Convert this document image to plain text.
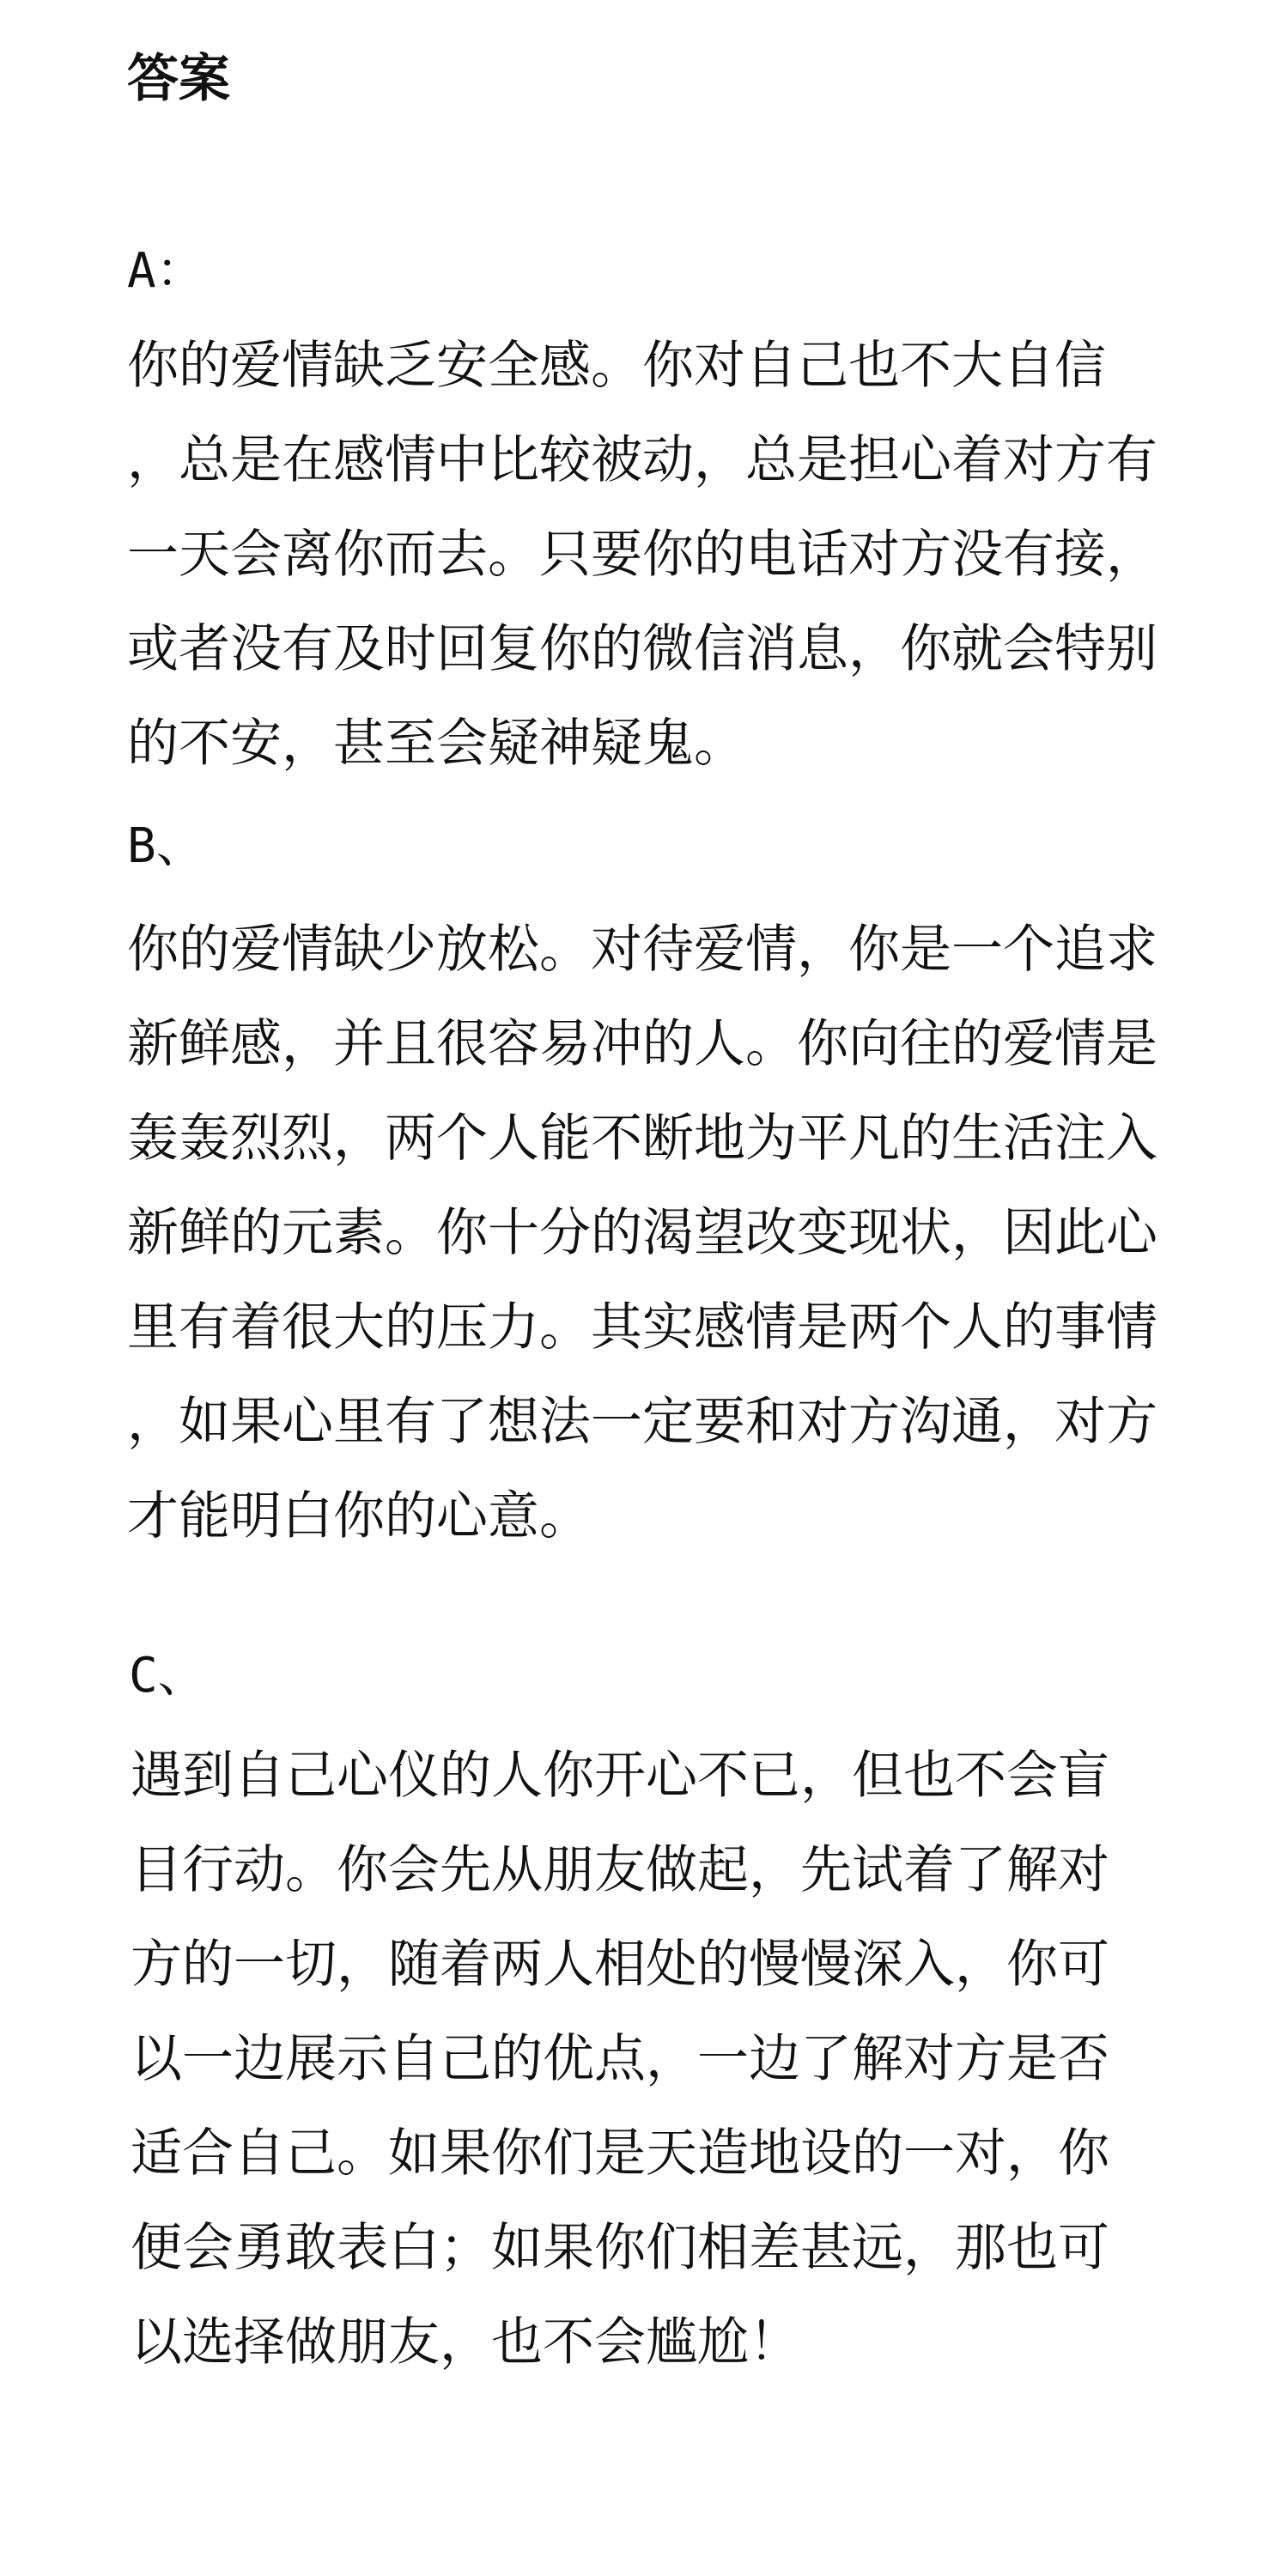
答案
A：

你的爱情缺乏安全感。你对自己也不大自信

，总是在感情中比较被动，总是担心着对方有

一天会离你而去。只要你的电话对方没有接，

或者没有及时回复你的微信消息，你就会特别

的不安，甚至会疑神疑鬼。

B、

你的爱情缺少放松。对待爱情，你是一个追求

新鲜感，并且很容易冲的人。你向往的爱情是

轰轰烈烈，两个人能不断地为平凡的生活注入

新鲜的元素。你十分的渴望改变现状，因此心

里有着很大的压力。其实感情是两个人的事情

，如果心里有了想法一定要和对方沟通，对方

才能明白你的心意。

C、

遇到自己心仪的人你开心不已，但也不会盲

目行动。你会先从朋友做起，先试着了解对

方的一切，随着两人相处的慢慢深入，你可

以一边展示自己的优点，一边了解对方是否

适合自己。如果你们是天造地设的一对，你

便会勇敢表白；如果你们相差甚远，那也可

以选择做朋友，也不会尴尬！
